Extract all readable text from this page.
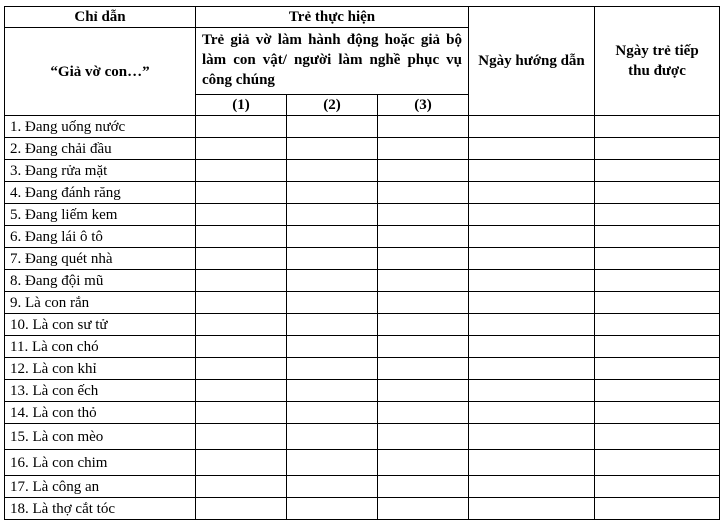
Chỉ dẫn	Trẻ thực hiện			Ngày hướng dẫn	Ngày trẻ tiếp thu được
“Giả vờ con…”	Trẻ giả vờ làm hành động hoặc giả bộ làm con vật/ người làm nghề phục vụ công chúng				
	(1)	(2)	(3)		
1. Đang uống nước					
2. Đang chải đầu					
3. Đang rửa mặt					
4. Đang đánh răng					
5. Đang liếm kem					
6. Đang lái ô tô					
7. Đang quét nhà					
8. Đang đội mũ					
9. Là con rắn					
10. Là con sư tử					
11. Là con chó					
12. Là con khỉ					
13. Là con ếch					
14. Là con thỏ					
15. Là con mèo					
16. Là con chim					
17. Là công an					
18. Là thợ cắt tóc					
